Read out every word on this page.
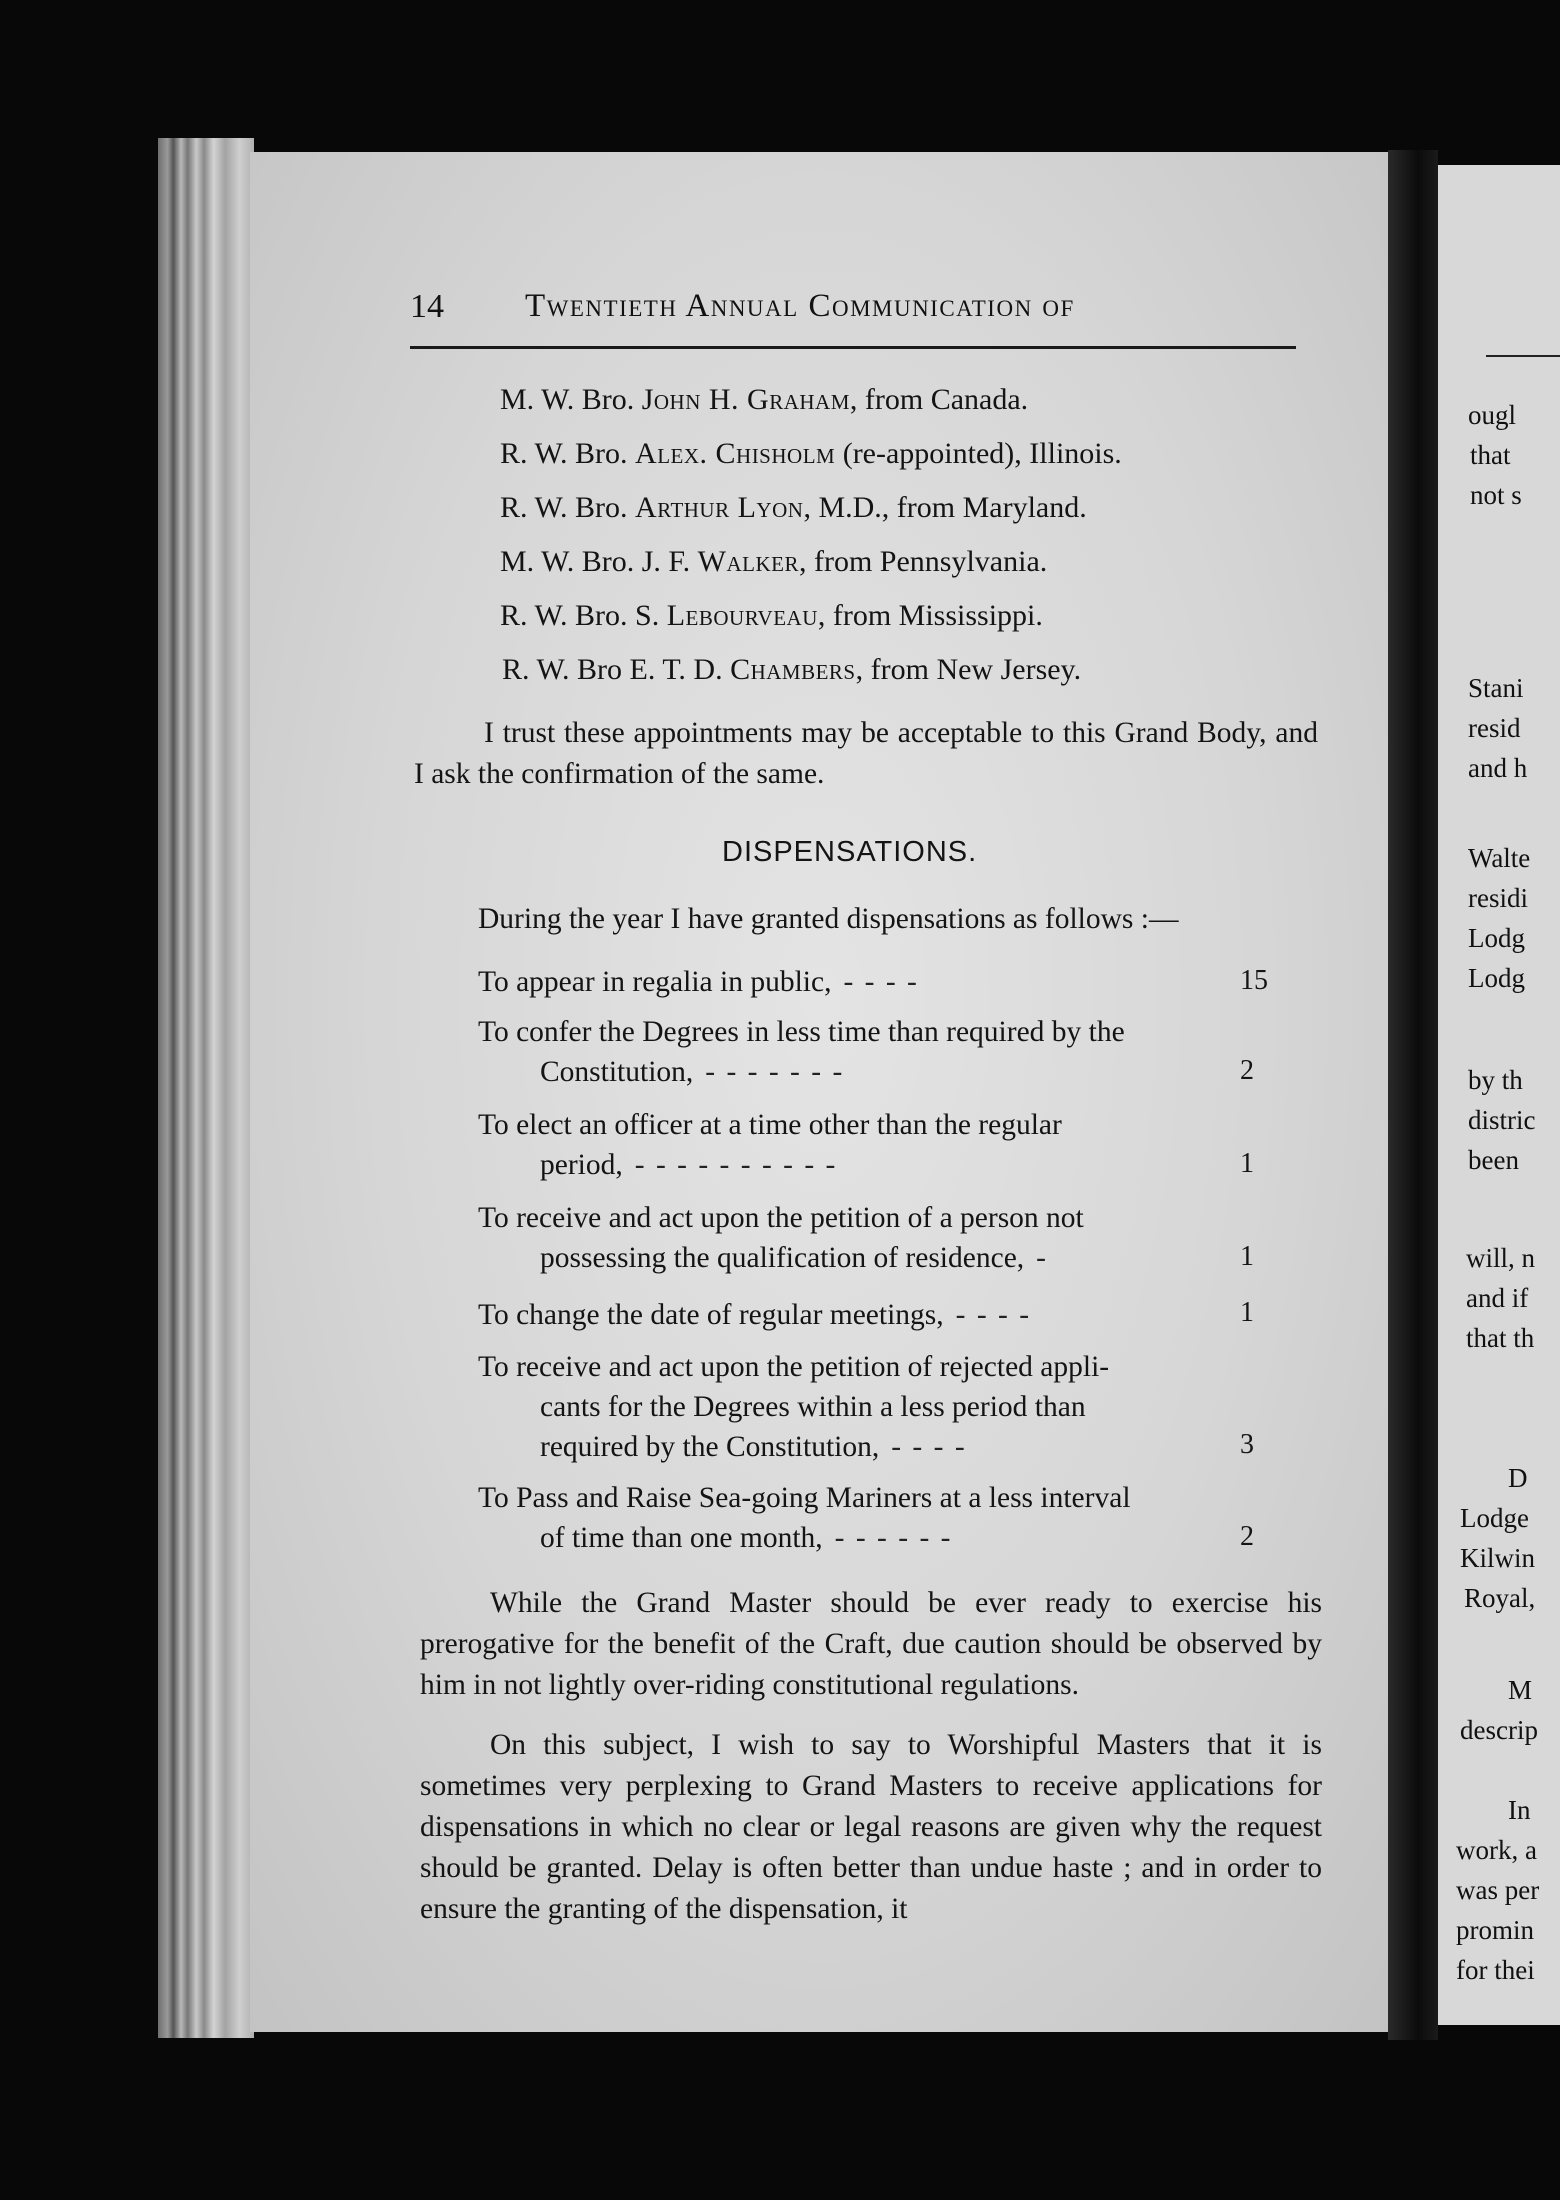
ougl
that
not s
Stani
resid
and h
Walte
residi
Lodg
Lodg
by th
distric
been
will, n
and if
that th
D
Lodge
Kilwin
Royal,
M
descrip
In
work, a
was per
promin
for thei
14 Twentieth Annual Communication of
M. W. Bro. John H. Graham, from Canada.
R. W. Bro. Alex. Chisholm (re-appointed), Illinois.
R. W. Bro. Arthur Lyon, M.D., from Maryland.
M. W. Bro. J. F. Walker, from Pennsylvania.
R. W. Bro. S. Lebourveau, from Mississippi.
R. W. Bro E. T. D. Chambers, from New Jersey.
I trust these appointments may be acceptable to this Grand Body, and I ask the confirmation of the same.
DISPENSATIONS.
During the year I have granted dispensations as follows :—
To appear in regalia in public, - - - -	15
To confer the Degrees in less time than required by the
Constitution, - - - - - - -	2
To elect an officer at a time other than the regular
period, - - - - - - - - - -	1
To receive and act upon the petition of a person not
possessing the qualification of residence, -	1
To change the date of regular meetings, - - - -	1
To receive and act upon the petition of rejected appli-
cants for the Degrees within a less period than
required by the Constitution, - - - -	3
To Pass and Raise Sea-going Mariners at a less interval
of time than one month, - - - - - -	2
While the Grand Master should be ever ready to exercise his prerogative for the benefit of the Craft, due caution should be observed by him in not lightly over-riding constitutional regulations.
On this subject, I wish to say to Worshipful Masters that it is sometimes very perplexing to Grand Masters to receive applications for dispensations in which no clear or legal reasons are given why the request should be granted. Delay is often better than undue haste ; and in order to ensure the granting of the dispensation, it
